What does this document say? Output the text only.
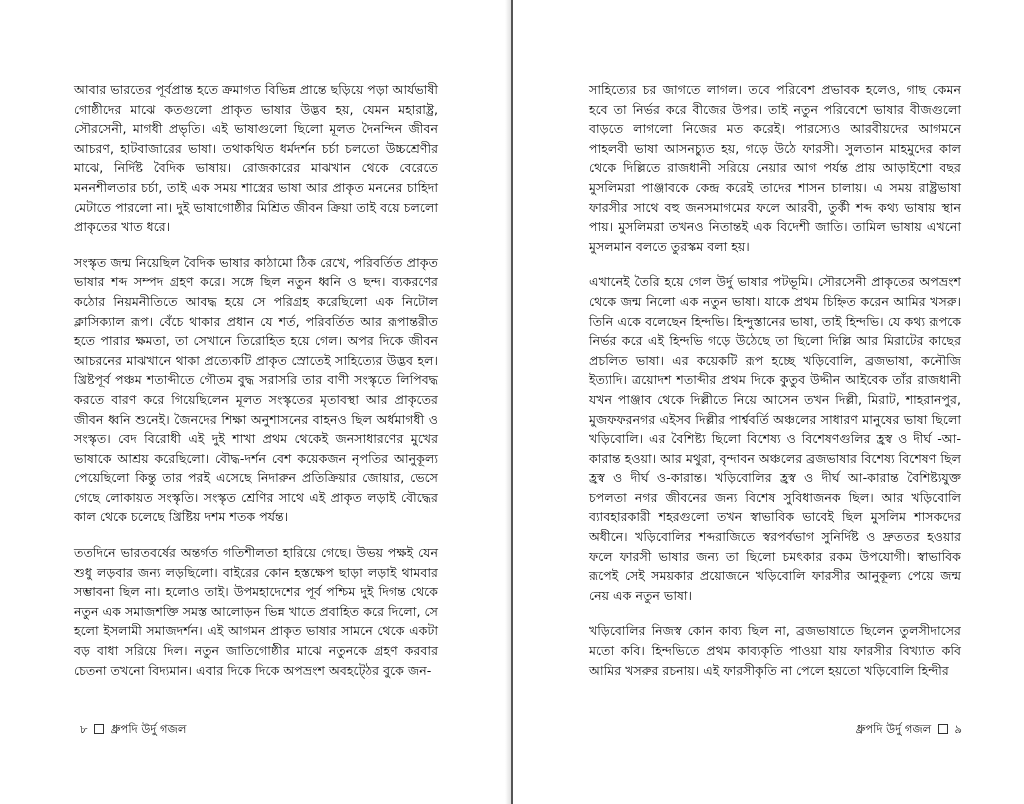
আবার ভারতের পূর্বপ্রান্ত হতে ক্রমাগত বিভিন্ন প্রান্তে ছড়িয়ে পড়া আর্যভাষী গোষ্ঠীদের মাঝে কতগুলো প্রাকৃত ভাষার উদ্ভব হয়, যেমন মহারাষ্ট্র, সৌরসেনী, মাগধী প্রভৃতি। এই ভাষাগুলো ছিলো মূলত দৈনন্দিন জীবন আচরণ, হাটবাজারের ভাষা। তথাকথিত ধর্মদর্শন চর্চা চলতো উচ্চশ্রেণীর মাঝে, নির্দিষ্ট বৈদিক ভাষায়। রোজকারের মাঝখান থেকে বেরেতে মননশীলতার চর্চা, তাই এক সময় শাস্ত্রের ভাষা আর প্রাকৃত মননের চাহিদা মেটাতে পারলো না। দুই ভাষাগোষ্ঠীর মিশ্রিত জীবন ক্রিয়া তাই বয়ে চললো প্রাকৃতের খাত ধরে।

সংস্কৃত জন্ম নিয়েছিল বৈদিক ভাষার কাঠামো ঠিক রেখে, পরিবর্তিত প্রাকৃত ভাষার শব্দ সম্পদ গ্রহণ করে। সঙ্গে ছিল নতুন ধ্বনি ও ছন্দ। ব্যকরণের কঠোর নিয়মনীতিতে আবদ্ধ হয়ে সে পরিগ্রহ করেছিলো এক নিটোল ক্লাসিক্যাল রূপ। বেঁচে থাকার প্রধান যে শর্ত, পরিবর্তিত আর রূপান্তরীত হতে পারার ক্ষমতা, তা সেখানে তিরোহিত হয়ে গেল। অপর দিকে জীবন আচরনের মাঝখানে থাকা প্রত্যেকটি প্রাকৃত স্রোতেই সাহিত্যের উদ্ভব হল। খ্রিষ্টপূর্ব পঞ্চম শতাব্দীতে গৌতম বুদ্ধ সরাসরি তার বাণী সংস্কৃতে লিপিবদ্ধ করতে বারণ করে গিয়েছিলেন মূলত সংস্কৃতের মৃতাবস্থা আর প্রাকৃতের জীবন ধ্বনি শুনেই। জৈনদের শিক্ষা অনুশাসনের বাহনও ছিল অর্ধমাগধী ও সংস্কৃত। বেদ বিরোধী এই দুই শাখা প্রথম থেকেই জনসাধারণের মুখের ভাষাকে আশ্রয় করেছিলো। বৌদ্ধ-দর্শন বেশ কয়েকজন নৃপতির আনুকূল্য পেয়েছিলো কিন্তু তার পরই এসেছে নিদারুন প্রতিক্রিয়ার জোয়ার, ভেসে গেছে লোকায়ত সংস্কৃতি। সংস্কৃত শ্রেণির সাথে এই প্রাকৃত লড়াই বৌদ্ধের কাল থেকে চলেছে খ্রিষ্টিয় দশম শতক পর্যন্ত।

ততদিনে ভারতবর্ষের অন্তর্গত গতিশীলতা হারিয়ে গেছে। উভয় পক্ষই যেন শুধু লড়বার জন্য লড়ছিলো। বাইরের কোন হস্তক্ষেপ ছাড়া লড়াই থামবার সম্ভাবনা ছিল না। হলোও তাই। উপমহাদেশের পূর্ব পশ্চিম দুই দিগন্ত থেকে নতুন এক সমাজশক্তি সমস্ত আলোড়ন ভিন্ন খাতে প্রবাহিত করে দিলো, সে হলো ইসলামী সমাজদর্শন। এই আগমন প্রাকৃত ভাষার সামনে থেকে একটা বড় বাধা সরিয়ে দিল। নতুন জাতিগোষ্ঠীর মাঝে নতুনকে গ্রহণ করবার চেতনা তখনো বিদ্যমান। এবার দিকে দিকে অপভ্রংশ অবহট্ঠের বুকে জন-

৮ ধ্রুপদি উর্দু গজল

সাহিত্যের চর জাগতে লাগল। তবে পরিবেশ প্রভাবক হলেও, গাছ কেমন হবে তা নির্ভর করে বীজের উপর। তাই নতুন পরিবেশে ভাষার বীজগুলো বাড়তে লাগলো নিজের মত করেই। পারস্যেও আরবীয়দের আগমনে পাহলবী ভাষা আসনচ্যুত হয়, গড়ে উঠে ফারসী। সুলতান মাহমুদের কাল থেকে দিল্লিতে রাজধানী সরিয়ে নেয়ার আগ পর্যন্ত প্রায় আড়াইশো বছর মুসলিমরা পাঞ্জাবকে কেন্দ্র করেই তাদের শাসন চালায়। এ সময় রাষ্ট্রভাষা ফারসীর সাথে বহু জনসমাগমের ফলে আরবী, তুর্কী শব্দ কথ্য ভাষায় স্থান পায়। মুসলিমরা তখনও নিতান্তই এক বিদেশী জাতি। তামিল ভাষায় এখনো মুসলমান বলতে তুরস্কম বলা হয়।

এখানেই তৈরি হয়ে গেল উর্দু ভাষার পটভূমি। সৌরসেনী প্রাকৃতের অপভ্রংশ থেকে জন্ম নিলো এক নতুন ভাষা। যাকে প্রথম চিহ্নিত করেন আমির খসরু। তিনি একে বলেছেন হিন্দভি। হিন্দুস্তানের ভাষা, তাই হিন্দভি। যে কথ্য রূপকে নির্ভর করে এই হিন্দভি গড়ে উঠেছে তা ছিলো দিল্লি আর মিরাটের কাছের প্রচলিত ভাষা। এর কয়েকটি রূপ হচ্ছে খড়িবোলি, ব্রজভাষা, কনৌজি ইত্যাদি। ত্রয়োদশ শতাব্দীর প্রথম দিকে কুতুব উদ্দীন আইবেক তাঁর রাজধানী যখন পাঞ্জাব থেকে দিল্লীতে নিয়ে আসেন তখন দিল্লী, মিরাট, শাহরানপুর, মুজফফরনগর এইসব দিল্লীর পার্শ্ববর্তি অঞ্চলের সাধারণ মানুষের ভাষা ছিলো খড়িবোলি। এর বৈশিষ্ট্য ছিলো বিশেষ্য ও বিশেষণগুলির হ্রস্ব ও দীর্ঘ -আ-কারান্ত হওয়া। আর মথুরা, বৃন্দাবন অঞ্চলের ব্রজভাষার বিশেষ্য বিশেষণ ছিল হ্রস্ব ও দীর্ঘ ও-কারান্ত। খড়িবোলির হ্রস্ব ও দীর্ঘ আ-কারান্ত বৈশিষ্ট্যযুক্ত চপলতা নগর জীবনের জন্য বিশেষ সুবিধাজনক ছিল। আর খড়িবোলি ব্যাবহারকারী শহরগুলো তখন স্বাভাবিক ভাবেই ছিল মুসলিম শাসকদের অধীনে। খড়িবোলির শব্দরাজিতে স্বরপর্বভাগ সুনির্দিষ্ট ও দ্রুততর হওয়ার ফলে ফারসী ভাষার জন্য তা ছিলো চমৎকার রকম উপযোগী। স্বাভাবিক রূপেই সেই সময়কার প্রয়োজনে খড়িবোলি ফারসীর আনুকূল্য পেয়ে জন্ম নেয় এক নতুন ভাষা।

খড়িবোলির নিজস্ব কোন কাব্য ছিল না, ব্রজভাষাতে ছিলেন তুলসীদাসের মতো কবি। হিন্দভিতে প্রথম কাব্যকৃতি পাওয়া যায় ফারসীর বিখ্যাত কবি আমির খসরুর রচনায়। এই ফারসীকৃতি না পেলে হয়তো খড়িবোলি হিন্দীর

ধ্রুপদি উর্দু গজল ৯
